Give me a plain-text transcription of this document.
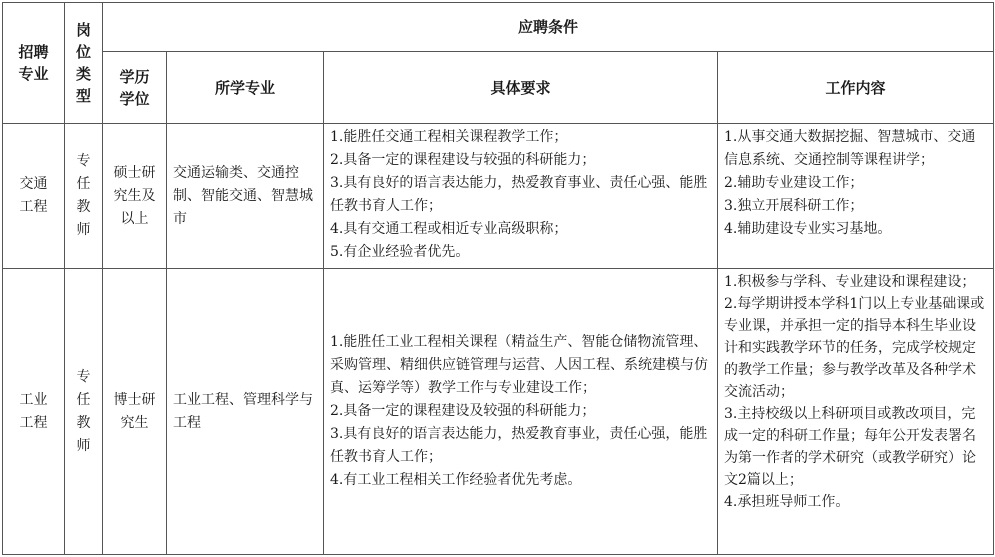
招聘专业	岗位类型	应聘条件			

		学历学位	所学专业	具体要求	工作内容

交通工程	专任教师	硕士研究生及以上	交通运输类、交通控制、智能交通、智慧城市	1.能胜任交通工程相关课程教学工作；
2.具备一定的课程建设与较强的科研能力；
3.具有良好的语言表达能力，热爱教育事业、责任心强、能胜任教书育人工作；
4.具有交通工程或相近专业高级职称；
5.有企业经验者优先。	1.从事交通大数据挖掘、智慧城市、交通信息系统、交通控制等课程讲学；
2.辅助专业建设工作；
3.独立开展科研工作；
4.辅助建设专业实习基地。

工业工程	专任教师	博士研究生	工业工程、管理科学与工程	1.能胜任工业工程相关课程（精益生产、智能仓储物流管理、采购管理、精细供应链管理与运营、人因工程、系统建模与仿真、运筹学等）教学工作与专业建设工作；
2.具备一定的课程建设及较强的科研能力；
3.具有良好的语言表达能力，热爱教育事业，责任心强，能胜任教书育人工作；
4.有工业工程相关工作经验者优先考虑。	1.积极参与学科、专业建设和课程建设；
2.每学期讲授本学科1门以上专业基础课或专业课，并承担一定的指导本科生毕业设计和实践教学环节的任务，完成学校规定的教学工作量；参与教学改革及各种学术交流活动；
3.主持校级以上科研项目或教改项目，完成一定的科研工作量；每年公开发表署名为第一作者的学术研究（或教学研究）论文2篇以上；
4.承担班导师工作。
